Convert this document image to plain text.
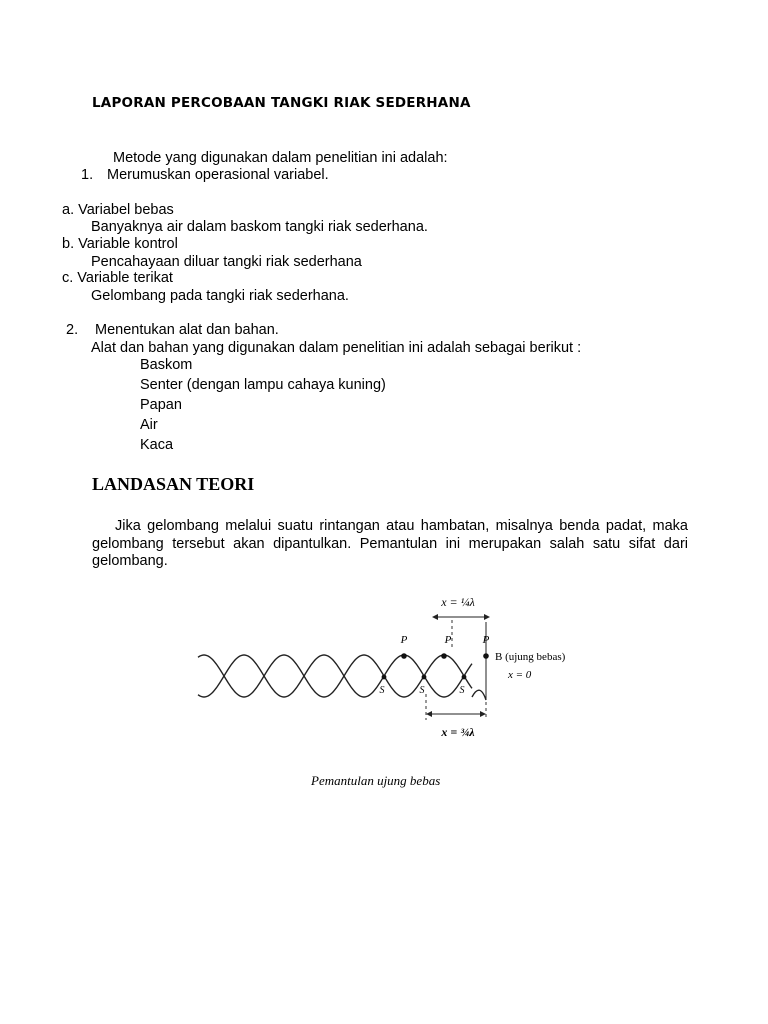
LAPORAN PERCOBAAN TANGKI RIAK SEDERHANA
Metode yang digunakan dalam penelitian ini adalah:
1. Merumuskan operasional variabel.
a. Variabel bebas
Banyaknya air dalam baskom tangki riak sederhana.
b. Variable kontrol
Pencahayaan diluar tangki riak sederhana
c. Variable terikat
Gelombang pada tangki riak sederhana.
2. Menentukan alat dan bahan.
Alat dan bahan yang digunakan dalam penelitian ini adalah sebagai berikut :
Baskom
Senter (dengan lampu cahaya kuning)
Papan
Air
Kaca
LANDASAN TEORI
Jika gelombang melalui suatu rintangan atau hambatan, misalnya benda padat, maka gelombang tersebut akan dipantulkan. Pemantulan ini merupakan salah satu sifat dari gelombang.
x = ¼λ
x = ¾λ
P	P	P
S	S	S
B (ujung bebas)
x = 0
Pemantulan ujung bebas
